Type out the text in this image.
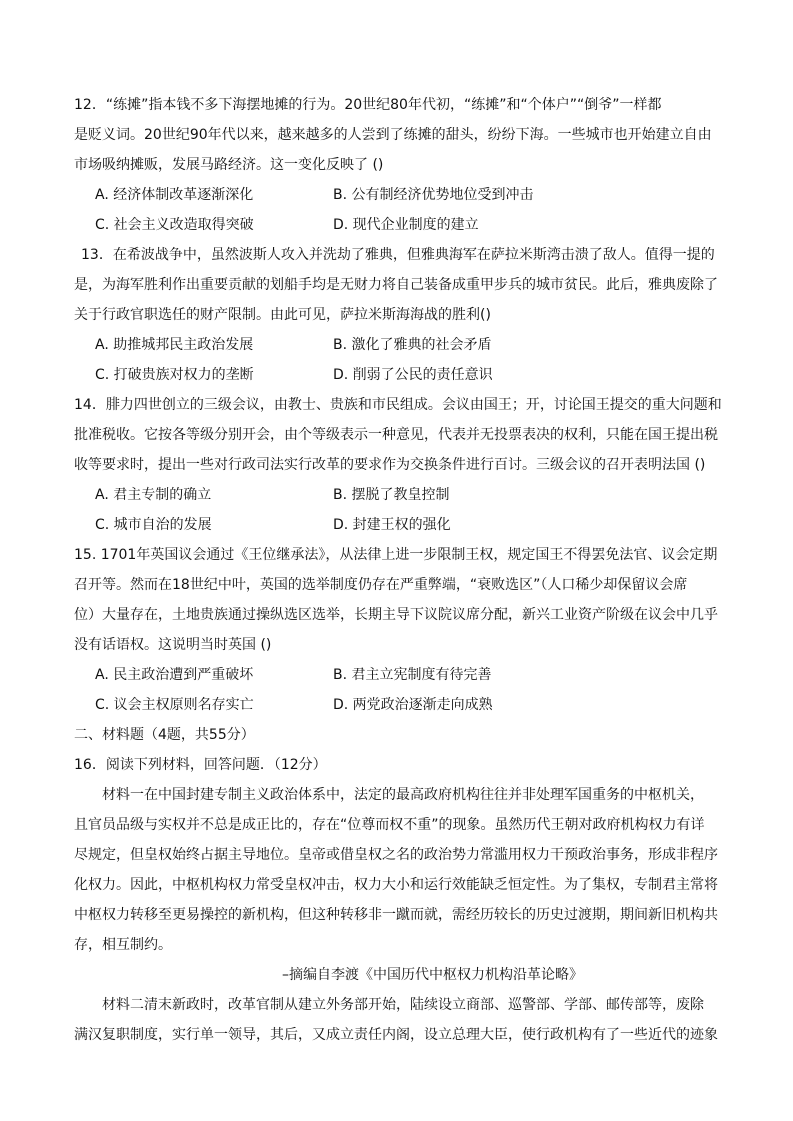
12．“练摊”指本钱不多下海摆地摊的行为。20世纪80年代初，“练摊”和“个体户”“倒爷”一样都
是贬义词。20世纪90年代以来，越来越多的人尝到了练摊的甜头，纷纷下海。一些城市也开始建立自由
市场吸纳摊贩，发展马路经济。这一变化反映了 ()
A. 经济体制改革逐渐深化	B. 公有制经济优势地位受到冲击
C. 社会主义改造取得突破	D. 现代企业制度的建立
13．在希波战争中，虽然波斯人攻入并洗劫了雅典，但雅典海军在萨拉米斯湾击溃了敌人。值得一提的
是，为海军胜利作出重要贡献的划船手均是无财力将自己装备成重甲步兵的城市贫民。此后，雅典废除了
关于行政官职选任的财产限制。由此可见，萨拉米斯海海战的胜利()
A. 助推城邦民主政治发展	B. 激化了雅典的社会矛盾
C. 打破贵族对权力的垄断	D. 削弱了公民的责任意识
14．腓力四世创立的三级会议，由教士、贵族和市民组成。会议由国王；开，讨论国王提交的重大问题和
批准税收。它按各等级分别开会，由个等级表示一种意见，代表并无投票表决的权利，只能在国王提出税
收等要求时，提出一些对行政司法实行改革的要求作为交换条件进行百讨。三级会议的召开表明法国 ()
A. 君主专制的确立	B. 摆脱了教皇控制
C. 城市自治的发展	D. 封建王权的强化
15. 1701年英国议会通过《王位继承法》，从法律上进一步限制王权，规定国王不得罢免法官、议会定期
召开等。然而在18世纪中叶，英国的选举制度仍存在严重弊端，“衰败选区”（人口稀少却保留议会席
位）大量存在，土地贵族通过操纵选区选举，长期主导下议院议席分配，新兴工业资产阶级在议会中几乎
没有话语权。这说明当时英国 ()
A. 民主政治遭到严重破坏	B. 君主立宪制度有待完善
C. 议会主权原则名存实亡	D. 两党政治逐渐走向成熟
二、材料题（4题，共55分）
16．阅读下列材料，回答问题．（12分）
材料一在中国封建专制主义政治体系中，法定的最高政府机构往往并非处理军国重务的中枢机关，
且官员品级与实权并不总是成正比的，存在“位尊而权不重”的现象。虽然历代王朝对政府机构权力有详
尽规定，但皇权始终占据主导地位。皇帝或借皇权之名的政治势力常滥用权力干预政治事务，形成非程序
化权力。因此，中枢机构权力常受皇权冲击，权力大小和运行效能缺乏恒定性。为了集权，专制君主常将
中枢权力转移至更易操控的新机构，但这种转移非一蹴而就，需经历较长的历史过渡期，期间新旧机构共
存，相互制约。
–摘编自李渡《中国历代中枢权力机构沿革论略》
材料二清末新政时，改革官制从建立外务部开始，陆续设立商部、巡警部、学部、邮传部等，废除
满汉复职制度，实行单一领导，其后，又成立责任内阁，设立总理大臣，使行政机构有了一些近代的迹象
